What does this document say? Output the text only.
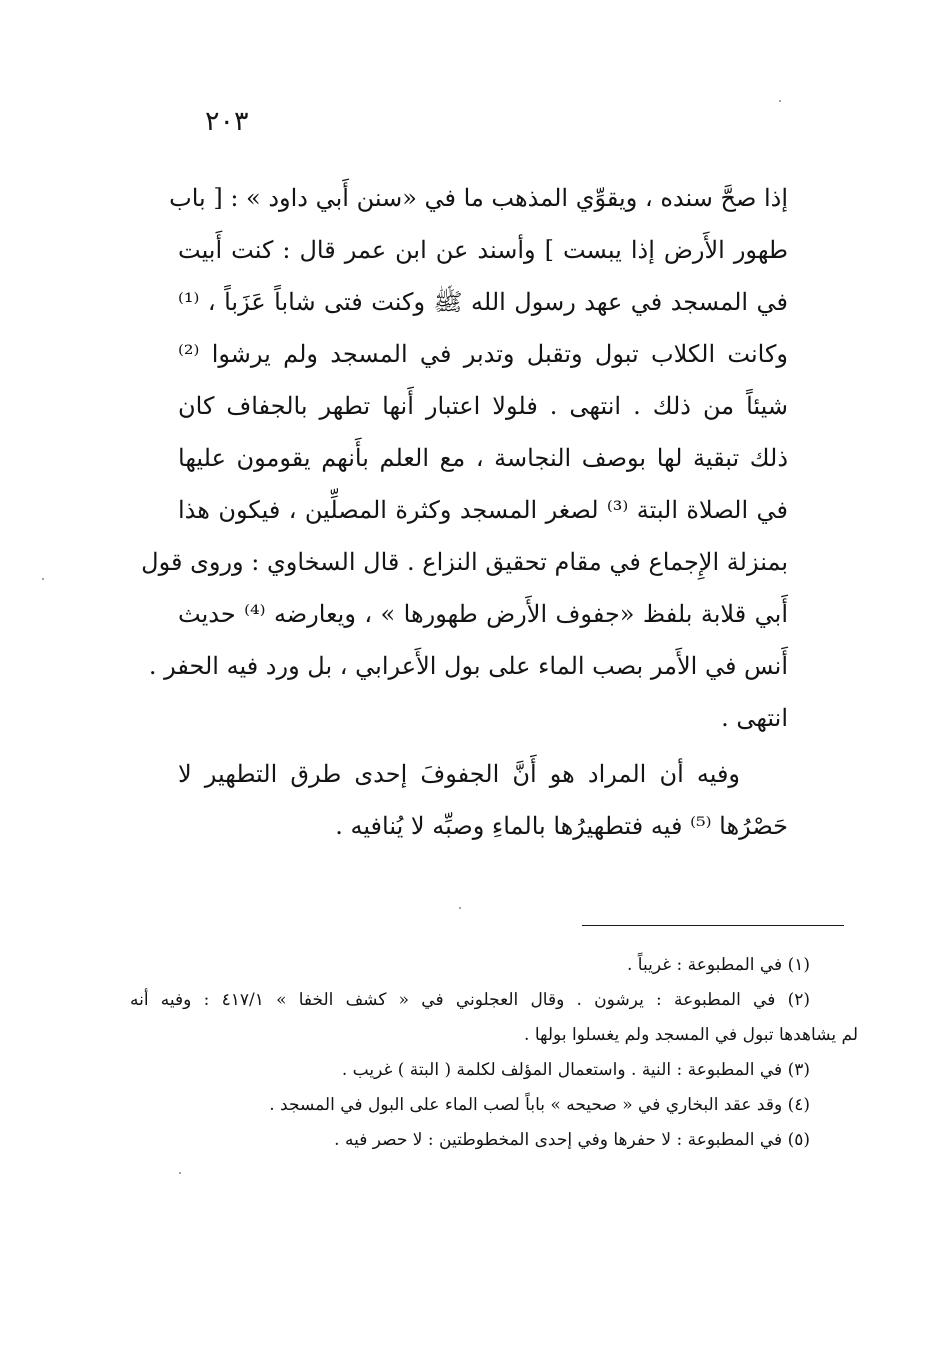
٢٠٣
إذا صحَّ سنده ، ويقوِّي المذهب ما في «سنن أَبي داود » : [ باب
طهور الأَرض إذا يبست ] وأسند عن ابن عمر قال : كنت أَبيت
في المسجد في عهد رسول الله ﷺ وكنت فتى شاباً عَزَباً ، ⁽¹⁾
وكانت الكلاب تبول وتقبل وتدبر في المسجد ولم يرشوا ⁽²⁾
شيئاً من ذلك . انتهى . فلولا اعتبار أَنها تطهر بالجفاف كان
ذلك تبقية لها بوصف النجاسة ، مع العلم بأَنهم يقومون عليها
في الصلاة البتة ⁽³⁾ لصغر المسجد وكثرة المصلِّين ، فيكون هذا
بمنزلة الإِجماع في مقام تحقيق النزاع . قال السخاوي : وروى قول
أَبي قلابة بلفظ «جفوف الأَرض طهورها » ، ويعارضه ⁽⁴⁾ حديث
أَنس في الأَمر بصب الماء على بول الأَعرابي ، بل ورد فيه الحفر .
انتهى .
وفيه أن المراد هو أَنَّ الجفوفَ إحدى طرق التطهير لا
حَصْرُها ⁽⁵⁾ فيه فتطهيرُها بالماءِ وصبِّه لا يُنافيه .
(١) في المطبوعة : غريباً .
(٢) في المطبوعة : يرشون . وقال العجلوني في « كشف الخفا » ٤١٧/١ : وفيه أنه
لم يشاهدها تبول في المسجد ولم يغسلوا بولها .
(٣) في المطبوعة : النية . واستعمال المؤلف لكلمة ( البتة ) غريب .
(٤) وقد عقد البخاري في « صحيحه » باباً لصب الماء على البول في المسجد .
(٥) في المطبوعة : لا حفرها وفي إحدى المخطوطتين : لا حصر فيه .
